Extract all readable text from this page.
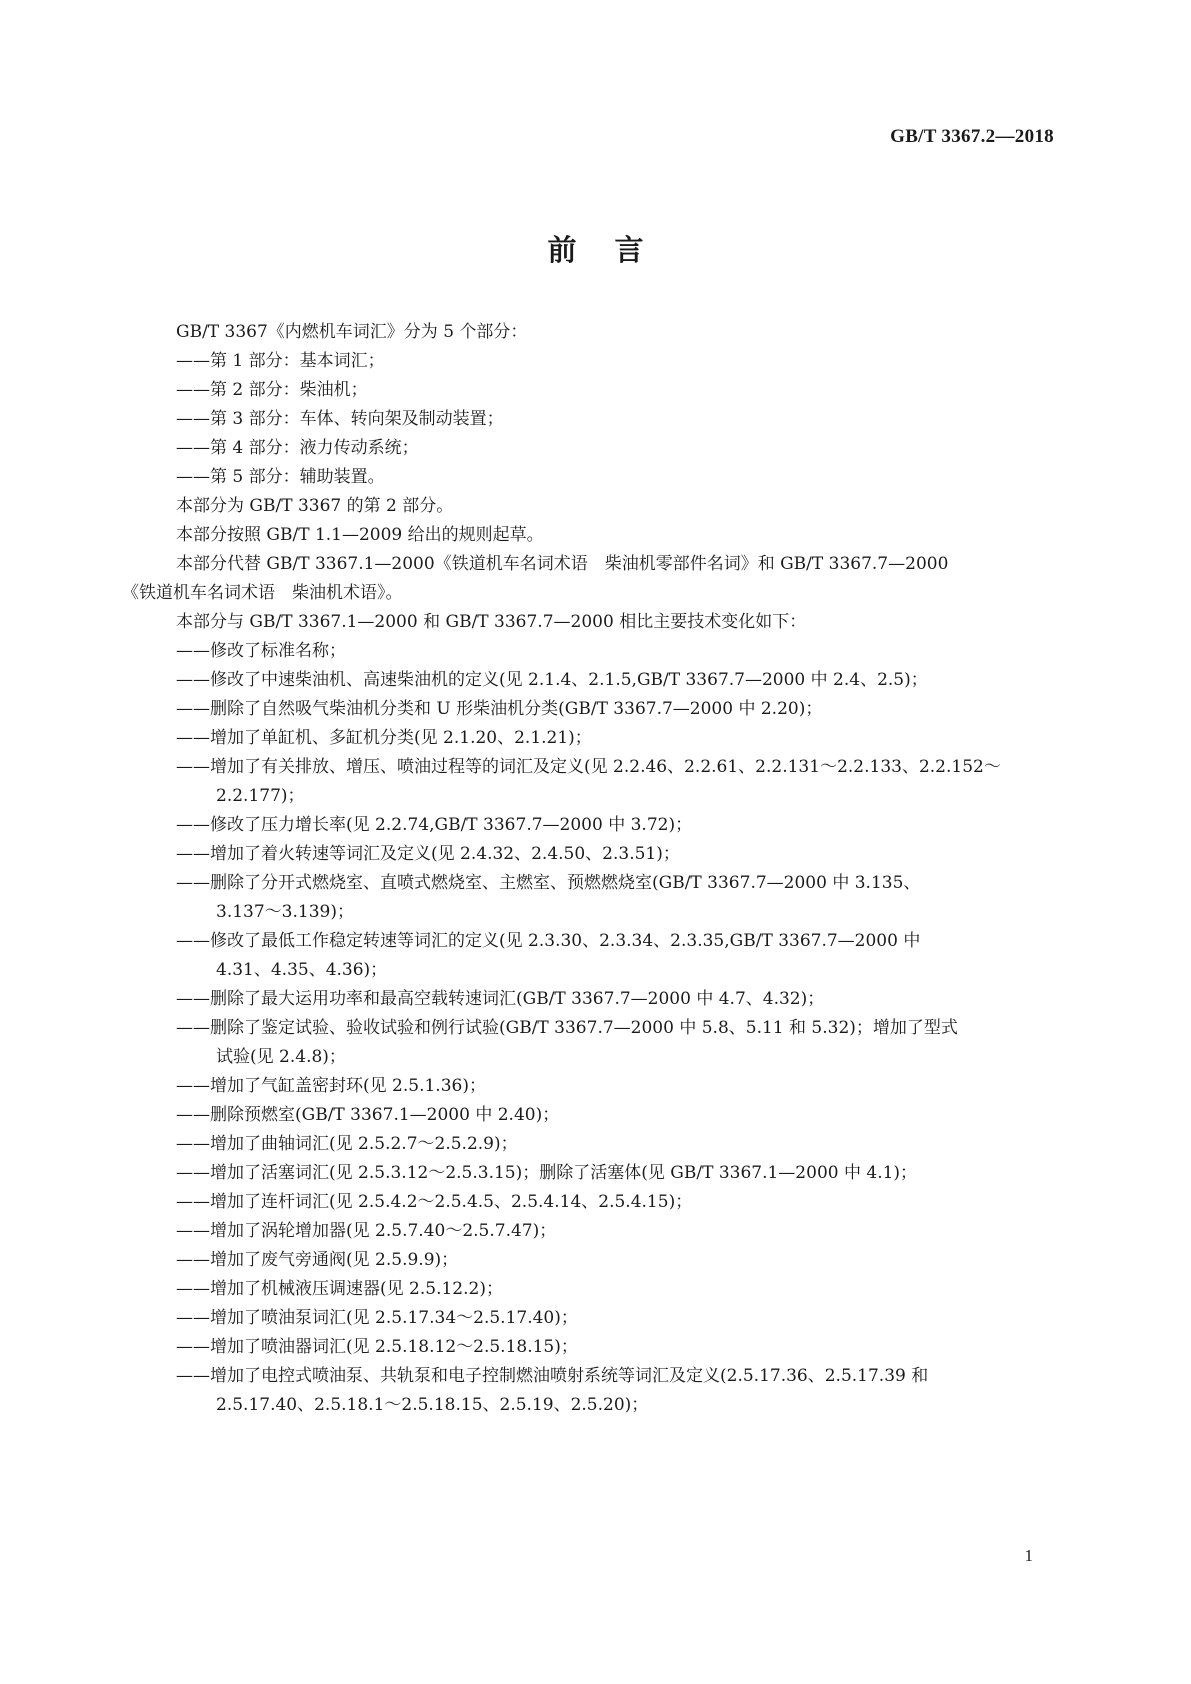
GB/T 3367.2—2018
前言
GB/T 3367《内燃机车词汇》分为 5 个部分：
——第 1 部分：基本词汇；
——第 2 部分：柴油机；
——第 3 部分：车体、转向架及制动装置；
——第 4 部分：液力传动系统；
——第 5 部分：辅助装置。
本部分为 GB/T 3367 的第 2 部分。
本部分按照 GB/T 1.1—2009 给出的规则起草。
本部分代替 GB/T 3367.1—2000《铁道机车名词术语　柴油机零部件名词》和 GB/T 3367.7—2000
《铁道机车名词术语　柴油机术语》。
本部分与 GB/T 3367.1—2000 和 GB/T 3367.7—2000 相比主要技术变化如下：
——修改了标准名称；
——修改了中速柴油机、高速柴油机的定义(见 2.1.4、2.1.5,GB/T 3367.7—2000 中 2.4、2.5)；
——删除了自然吸气柴油机分类和 U 形柴油机分类(GB/T 3367.7—2000 中 2.20)；
——增加了单缸机、多缸机分类(见 2.1.20、2.1.21)；
——增加了有关排放、增压、喷油过程等的词汇及定义(见 2.2.46、2.2.61、2.2.131～2.2.133、2.2.152～
2.2.177)；
——修改了压力增长率(见 2.2.74,GB/T 3367.7—2000 中 3.72)；
——增加了着火转速等词汇及定义(见 2.4.32、2.4.50、2.3.51)；
——删除了分开式燃烧室、直喷式燃烧室、主燃室、预燃燃烧室(GB/T 3367.7—2000 中 3.135、
3.137～3.139)；
——修改了最低工作稳定转速等词汇的定义(见 2.3.30、2.3.34、2.3.35,GB/T 3367.7—2000 中
4.31、4.35、4.36)；
——删除了最大运用功率和最高空载转速词汇(GB/T 3367.7—2000 中 4.7、4.32)；
——删除了鉴定试验、验收试验和例行试验(GB/T 3367.7—2000 中 5.8、5.11 和 5.32)；增加了型式
试验(见 2.4.8)；
——增加了气缸盖密封环(见 2.5.1.36)；
——删除预燃室(GB/T 3367.1—2000 中 2.40)；
——增加了曲轴词汇(见 2.5.2.7～2.5.2.9)；
——增加了活塞词汇(见 2.5.3.12～2.5.3.15)；删除了活塞体(见 GB/T 3367.1—2000 中 4.1)；
——增加了连杆词汇(见 2.5.4.2～2.5.4.5、2.5.4.14、2.5.4.15)；
——增加了涡轮增加器(见 2.5.7.40～2.5.7.47)；
——增加了废气旁通阀(见 2.5.9.9)；
——增加了机械液压调速器(见 2.5.12.2)；
——增加了喷油泵词汇(见 2.5.17.34～2.5.17.40)；
——增加了喷油器词汇(见 2.5.18.12～2.5.18.15)；
——增加了电控式喷油泵、共轨泵和电子控制燃油喷射系统等词汇及定义(2.5.17.36、2.5.17.39 和
2.5.17.40、2.5.18.1～2.5.18.15、2.5.19、2.5.20)；
1
